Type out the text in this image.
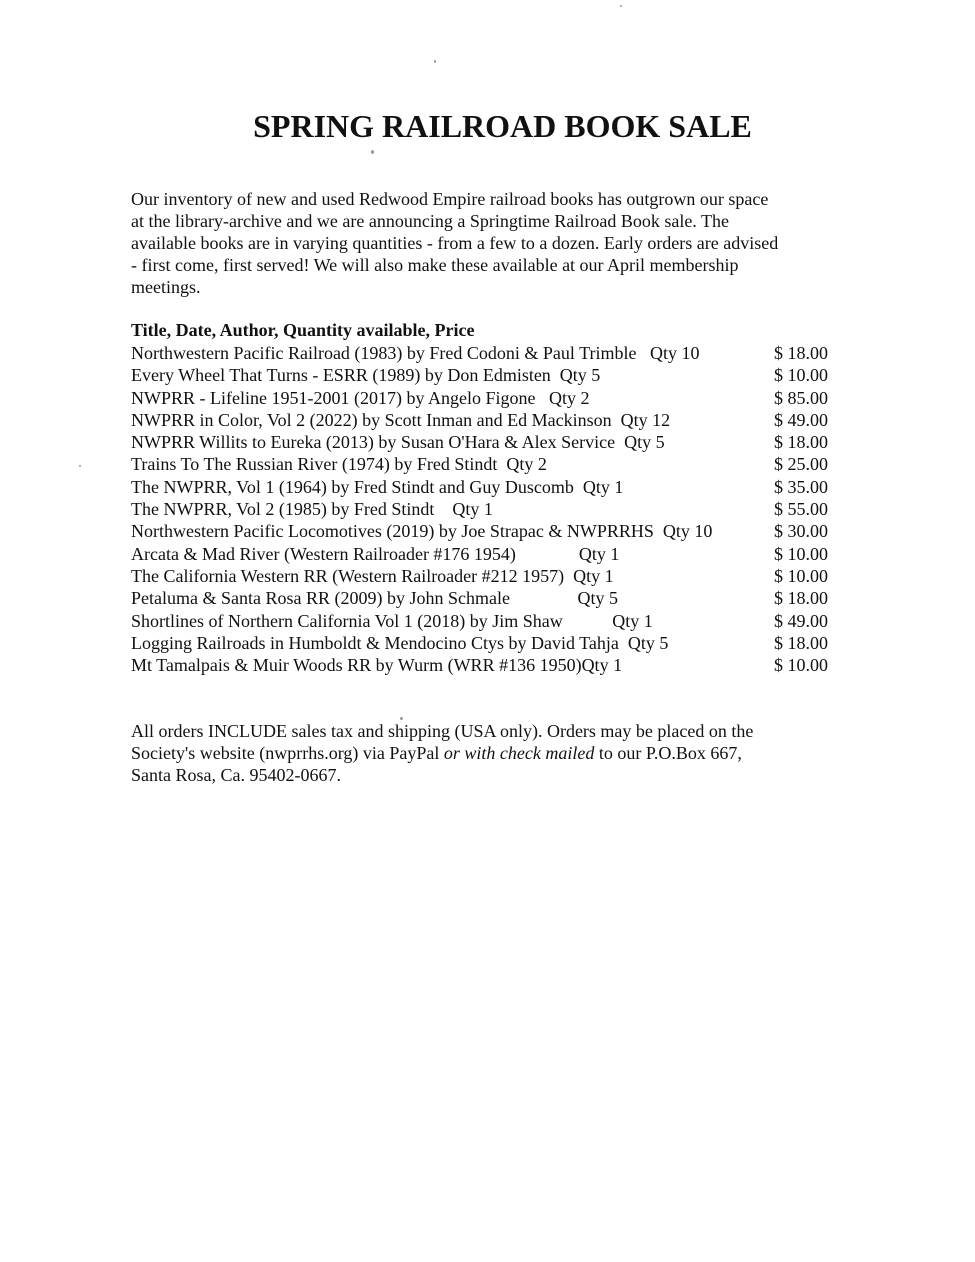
SPRING RAILROAD BOOK SALE
Our inventory of new and used Redwood Empire railroad books has outgrown our space
at the library-archive and we are announcing a Springtime Railroad Book sale. The
available books are in varying quantities - from a few to a dozen. Early orders are advised
- first come, first served! We will also make these available at our April membership
meetings.
Title, Date, Author, Quantity available, Price
Northwestern Pacific Railroad (1983) by Fred Codoni & Paul Trimble   Qty 10	$ 18.00
Every Wheel That Turns - ESRR (1989) by Don Edmisten  Qty 5	$ 10.00
NWPRR - Lifeline 1951-2001 (2017) by Angelo Figone   Qty 2	$ 85.00
NWPRR in Color, Vol 2 (2022) by Scott Inman and Ed Mackinson  Qty 12	$ 49.00
NWPRR Willits to Eureka (2013) by Susan O'Hara & Alex Service  Qty 5	$ 18.00
Trains To The Russian River (1974) by Fred Stindt  Qty 2	$ 25.00
The NWPRR, Vol 1 (1964) by Fred Stindt and Guy Duscomb  Qty 1	$ 35.00
The NWPRR, Vol 2 (1985) by Fred Stindt    Qty 1	$ 55.00
Northwestern Pacific Locomotives (2019) by Joe Strapac & NWPRRHS  Qty 10	$ 30.00
Arcata & Mad River (Western Railroader #176 1954)              Qty 1	$ 10.00
The California Western RR (Western Railroader #212 1957)  Qty 1	$ 10.00
Petaluma & Santa Rosa RR (2009) by John Schmale               Qty 5	$ 18.00
Shortlines of Northern California Vol 1 (2018) by Jim Shaw           Qty 1	$ 49.00
Logging Railroads in Humboldt & Mendocino Ctys by David Tahja  Qty 5	$ 18.00
Mt Tamalpais & Muir Woods RR by Wurm (WRR #136 1950)Qty 1	$ 10.00
All orders INCLUDE sales tax and shipping (USA only). Orders may be placed on the
Society's website (nwprrhs.org) via PayPal or with check mailed to our P.O.Box 667,
Santa Rosa, Ca. 95402-0667.
